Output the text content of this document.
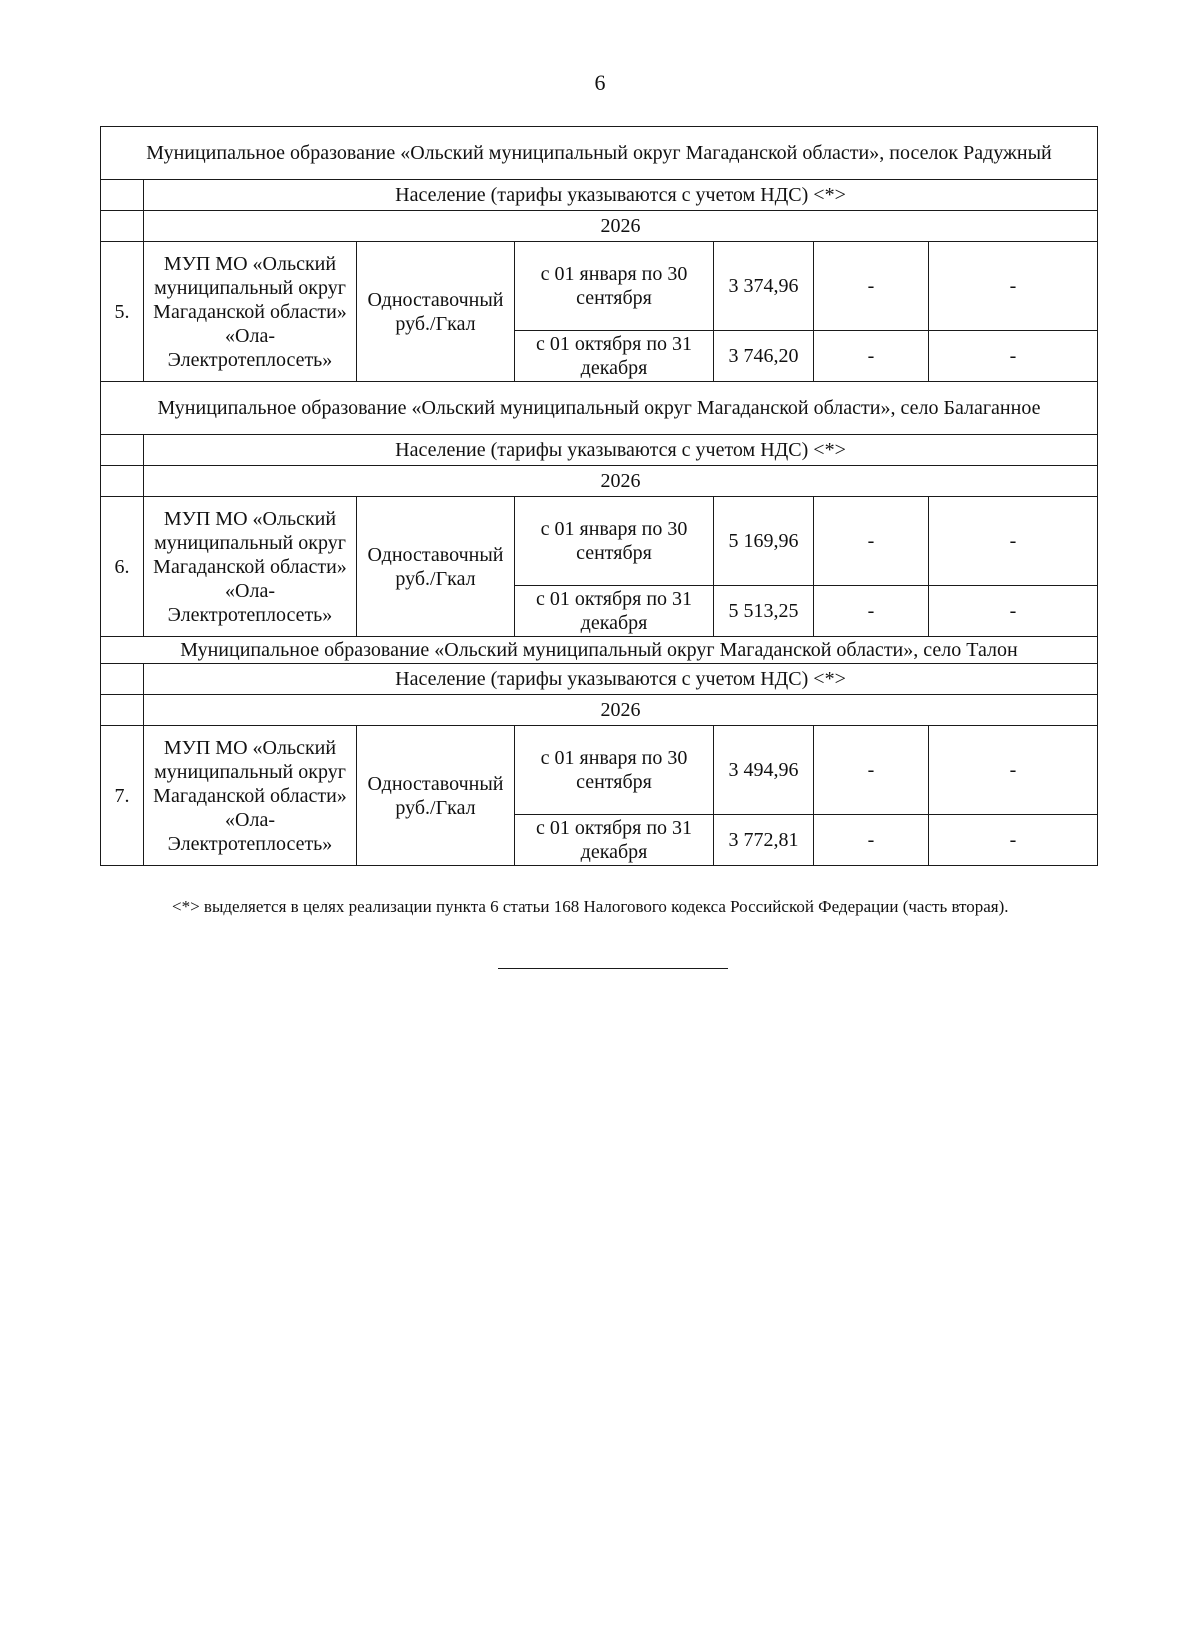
6
Муниципальное образование «Ольский муниципальный округ Магаданской области», поселок Радужный						
	Население (тарифы указываются с учетом НДС) <*>					
	2026					
5.	МУП МО «Ольский муниципальный округ Магаданской области» «Ола-Электротеплосеть»	Одноставочный руб./Гкал	с 01 января по 30 сентября	3 374,96	-	-
			с 01 октября по 31 декабря	3 746,20	-	-
Муниципальное образование «Ольский муниципальный округ Магаданской области», село Балаганное						
	Население (тарифы указываются с учетом НДС) <*>					
	2026					
6.	МУП МО «Ольский муниципальный округ Магаданской области» «Ола-Электротеплосеть»	Одноставочный руб./Гкал	с 01 января по 30 сентября	5 169,96	-	-
			с 01 октября по 31 декабря	5 513,25	-	-
Муниципальное образование «Ольский муниципальный округ Магаданской области», село Талон						
	Население (тарифы указываются с учетом НДС) <*>					
	2026					
7.	МУП МО «Ольский муниципальный округ Магаданской области» «Ола-Электротеплосеть»	Одноставочный руб./Гкал	с 01 января по 30 сентября	3 494,96	-	-
			с 01 октября по 31 декабря	3 772,81	-	-
<*> выделяется в целях реализации пункта 6 статьи 168 Налогового кодекса Российской Федерации (часть вторая).
